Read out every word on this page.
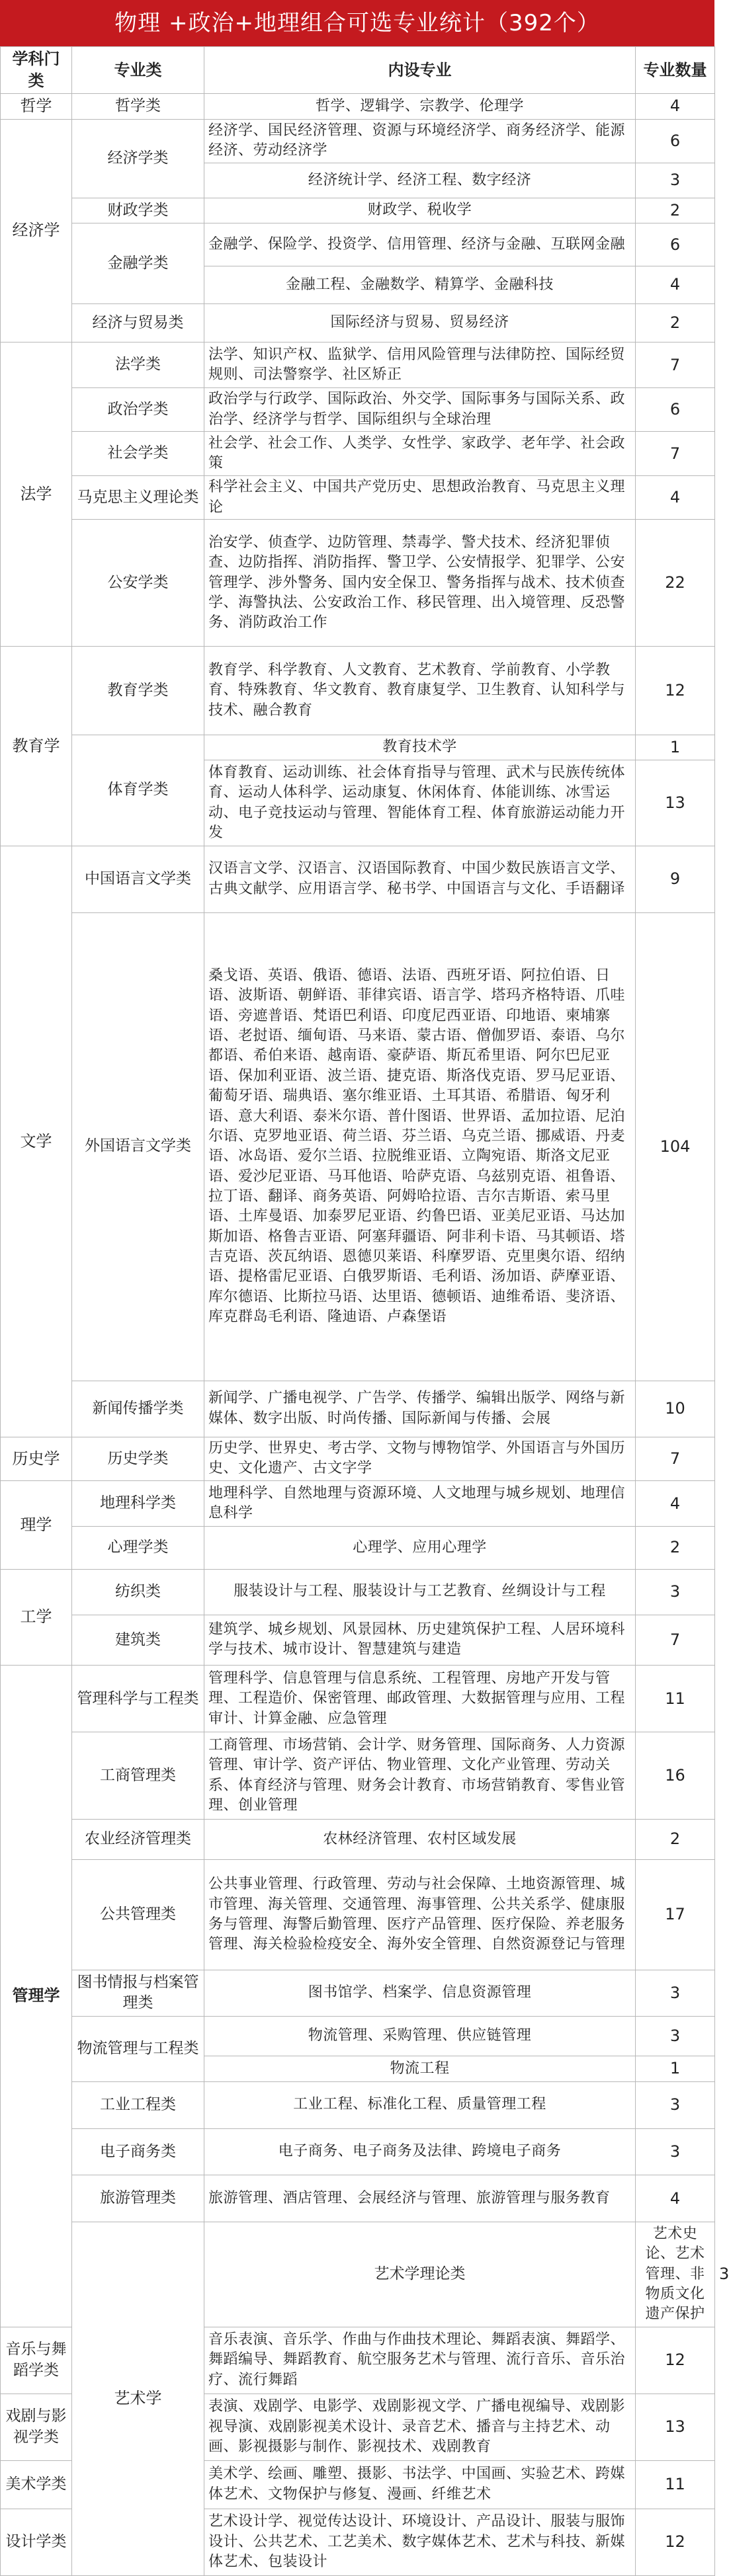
物理 +政治+地理组合可选专业统计（392个）
学科门类	专业类	内设专业	专业数量	
哲学	哲学类	哲学、逻辑学、宗教学、伦理学	4	
经济学	经济学类	经济学、国民经济管理、资源与环境经济学、商务经济学、能源经济、劳动经济学	6	
		经济统计学、经济工程、数字经济	3	
	财政学类	财政学、税收学	2	
	金融学类	金融学、保险学、投资学、信用管理、经济与金融、互联网金融	6	
		金融工程、金融数学、精算学、金融科技	4	
	经济与贸易类	国际经济与贸易、贸易经济	2	
法学	法学类	法学、知识产权、监狱学、信用风险管理与法律防控、国际经贸规则、司法警察学、社区矫正	7	
	政治学类	政治学与行政学、国际政治、外交学、国际事务与国际关系、政治学、经济学与哲学、国际组织与全球治理	6	
	社会学类	社会学、社会工作、人类学、女性学、家政学、老年学、社会政策	7	
	马克思主义理论类	科学社会主义、中国共产党历史、思想政治教育、马克思主义理论	4	
	公安学类	治安学、侦查学、边防管理、禁毒学、警犬技术、经济犯罪侦查、边防指挥、消防指挥、警卫学、公安情报学、犯罪学、公安管理学、涉外警务、国内安全保卫、警务指挥与战术、技术侦查学、海警执法、公安政治工作、移民管理、出入境管理、反恐警务、消防政治工作	22	
教育学	教育学类	教育学、科学教育、人文教育、艺术教育、学前教育、小学教育、特殊教育、华文教育、教育康复学、卫生教育、认知科学与技术、融合教育	12	
	体育学类	教育技术学	1	
		体育教育、运动训练、社会体育指导与管理、武术与民族传统体育、运动人体科学、运动康复、休闲体育、体能训练、冰雪运动、电子竞技运动与管理、智能体育工程、体育旅游运动能力开发	13	
文学	中国语言文学类	汉语言文学、汉语言、汉语国际教育、中国少数民族语言文学、古典文献学、应用语言学、秘书学、中国语言与文化、手语翻译	9	
	外国语言文学类	桑戈语、英语、俄语、德语、法语、西班牙语、阿拉伯语、日语、波斯语、朝鲜语、菲律宾语、语言学、塔玛齐格特语、爪哇语、旁遮普语、梵语巴利语、印度尼西亚语、印地语、柬埔寨语、老挝语、缅甸语、马来语、蒙古语、僧伽罗语、泰语、乌尔都语、希伯来语、越南语、豪萨语、斯瓦希里语、阿尔巴尼亚语、保加利亚语、波兰语、捷克语、斯洛伐克语、罗马尼亚语、葡萄牙语、瑞典语、塞尔维亚语、土耳其语、希腊语、匈牙利语、意大利语、泰米尔语、普什图语、世界语、孟加拉语、尼泊尔语、克罗地亚语、荷兰语、芬兰语、乌克兰语、挪威语、丹麦语、冰岛语、爱尔兰语、拉脱维亚语、立陶宛语、斯洛文尼亚语、爱沙尼亚语、马耳他语、哈萨克语、乌兹别克语、祖鲁语、拉丁语、翻译、商务英语、阿姆哈拉语、吉尔吉斯语、索马里语、土库曼语、加泰罗尼亚语、约鲁巴语、亚美尼亚语、马达加斯加语、格鲁吉亚语、阿塞拜疆语、阿非利卡语、马其顿语、塔吉克语、茨瓦纳语、恩德贝莱语、科摩罗语、克里奥尔语、绍纳语、提格雷尼亚语、白俄罗斯语、毛利语、汤加语、萨摩亚语、库尔德语、比斯拉马语、达里语、德顿语、迪维希语、斐济语、库克群岛毛利语、隆迪语、卢森堡语	104	
	新闻传播学类	新闻学、广播电视学、广告学、传播学、编辑出版学、网络与新媒体、数字出版、时尚传播、国际新闻与传播、会展	10	
历史学	历史学类	历史学、世界史、考古学、文物与博物馆学、外国语言与外国历史、文化遗产、古文字学	7	
理学	地理科学类	地理科学、自然地理与资源环境、人文地理与城乡规划、地理信息科学	4	
	心理学类	心理学、应用心理学	2	
工学	纺织类	服装设计与工程、服装设计与工艺教育、丝绸设计与工程	3	
	建筑类	建筑学、城乡规划、风景园林、历史建筑保护工程、人居环境科学与技术、城市设计、智慧建筑与建造	7	
管理学	管理科学与工程类	管理科学、信息管理与信息系统、工程管理、房地产开发与管理、工程造价、保密管理、邮政管理、大数据管理与应用、工程审计、计算金融、应急管理	11	
	工商管理类	工商管理、市场营销、会计学、财务管理、国际商务、人力资源管理、审计学、资产评估、物业管理、文化产业管理、劳动关系、体育经济与管理、财务会计教育、市场营销教育、零售业管理、创业管理	16	
	农业经济管理类	农林经济管理、农村区域发展	2	
	公共管理类	公共事业管理、行政管理、劳动与社会保障、土地资源管理、城市管理、海关管理、交通管理、海事管理、公共关系学、健康服务与管理、海警后勤管理、医疗产品管理、医疗保险、养老服务管理、海关检验检疫安全、海外安全管理、自然资源登记与管理	17	
	图书情报与档案管理类	图书馆学、档案学、信息资源管理	3	
	物流管理与工程类	物流管理、采购管理、供应链管理	3	
		物流工程	1	
	工业工程类	工业工程、标准化工程、质量管理工程	3	
	电子商务类	电子商务、电子商务及法律、跨境电子商务	3	
	旅游管理类	旅游管理、酒店管理、会展经济与管理、旅游管理与服务教育	4	
	艺术学	艺术学理论类	艺术史论、艺术管理、非物质文化遗产保护	3
音乐与舞蹈学类		音乐表演、音乐学、作曲与作曲技术理论、舞蹈表演、舞蹈学、舞蹈编导、舞蹈教育、航空服务艺术与管理、流行音乐、音乐治疗、流行舞蹈	12	
戏剧与影视学类		表演、戏剧学、电影学、戏剧影视文学、广播电视编导、戏剧影视导演、戏剧影视美术设计、录音艺术、播音与主持艺术、动画、影视摄影与制作、影视技术、戏剧教育	13	
美术学类		美术学、绘画、雕塑、摄影、书法学、中国画、实验艺术、跨媒体艺术、文物保护与修复、漫画、纤维艺术	11	
设计学类		艺术设计学、视觉传达设计、环境设计、产品设计、服装与服饰设计、公共艺术、工艺美术、数字媒体艺术、艺术与科技、新媒体艺术、包装设计	12	
